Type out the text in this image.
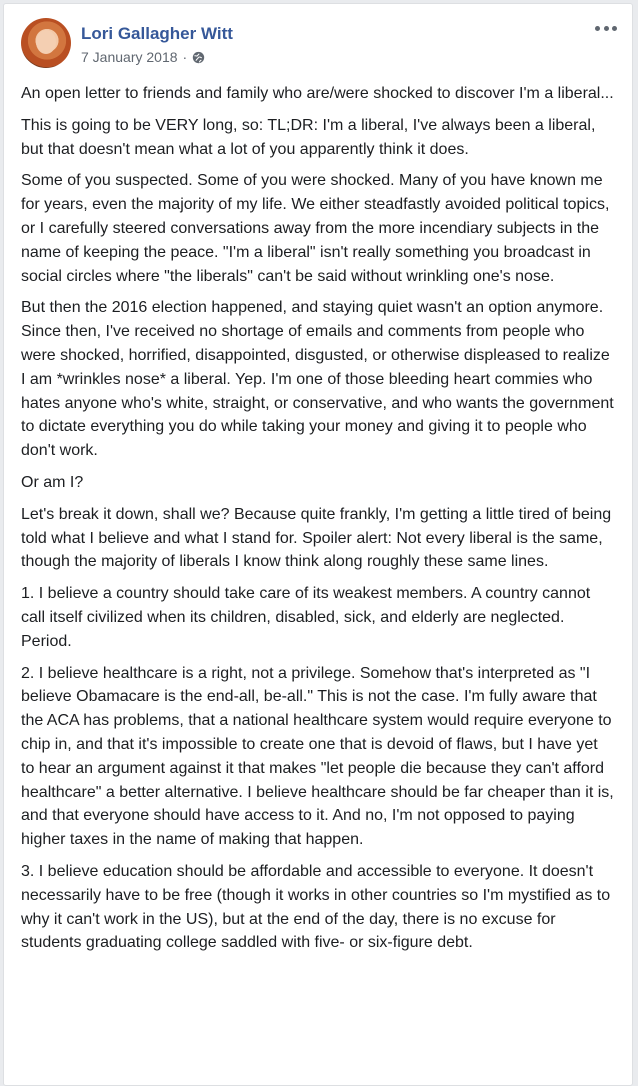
Lori Gallagher Witt
7 January 2018 ·

An open letter to friends and family who are/were shocked to discover I'm a liberal...

This is going to be VERY long, so: TL;DR: I'm a liberal, I've always been a liberal, but that doesn't mean what a lot of you apparently think it does.

Some of you suspected. Some of you were shocked. Many of you have known me for years, even the majority of my life. We either steadfastly avoided political topics, or I carefully steered conversations away from the more incendiary subjects in the name of keeping the peace. "I'm a liberal" isn't really something you broadcast in social circles where "the liberals" can't be said without wrinkling one's nose.

But then the 2016 election happened, and staying quiet wasn't an option anymore. Since then, I've received no shortage of emails and comments from people who were shocked, horrified, disappointed, disgusted, or otherwise displeased to realize I am *wrinkles nose* a liberal. Yep. I'm one of those bleeding heart commies who hates anyone who's white, straight, or conservative, and who wants the government to dictate everything you do while taking your money and giving it to people who don't work.

Or am I?

Let's break it down, shall we? Because quite frankly, I'm getting a little tired of being told what I believe and what I stand for. Spoiler alert: Not every liberal is the same, though the majority of liberals I know think along roughly these same lines.

1. I believe a country should take care of its weakest members. A country cannot call itself civilized when its children, disabled, sick, and elderly are neglected. Period.

2. I believe healthcare is a right, not a privilege. Somehow that's interpreted as "I believe Obamacare is the end-all, be-all." This is not the case. I'm fully aware that the ACA has problems, that a national healthcare system would require everyone to chip in, and that it's impossible to create one that is devoid of flaws, but I have yet to hear an argument against it that makes "let people die because they can't afford healthcare" a better alternative. I believe healthcare should be far cheaper than it is, and that everyone should have access to it. And no, I'm not opposed to paying higher taxes in the name of making that happen.

3. I believe education should be affordable and accessible to everyone. It doesn't necessarily have to be free (though it works in other countries so I'm mystified as to why it can't work in the US), but at the end of the day, there is no excuse for students graduating college saddled with five- or six-figure debt.
